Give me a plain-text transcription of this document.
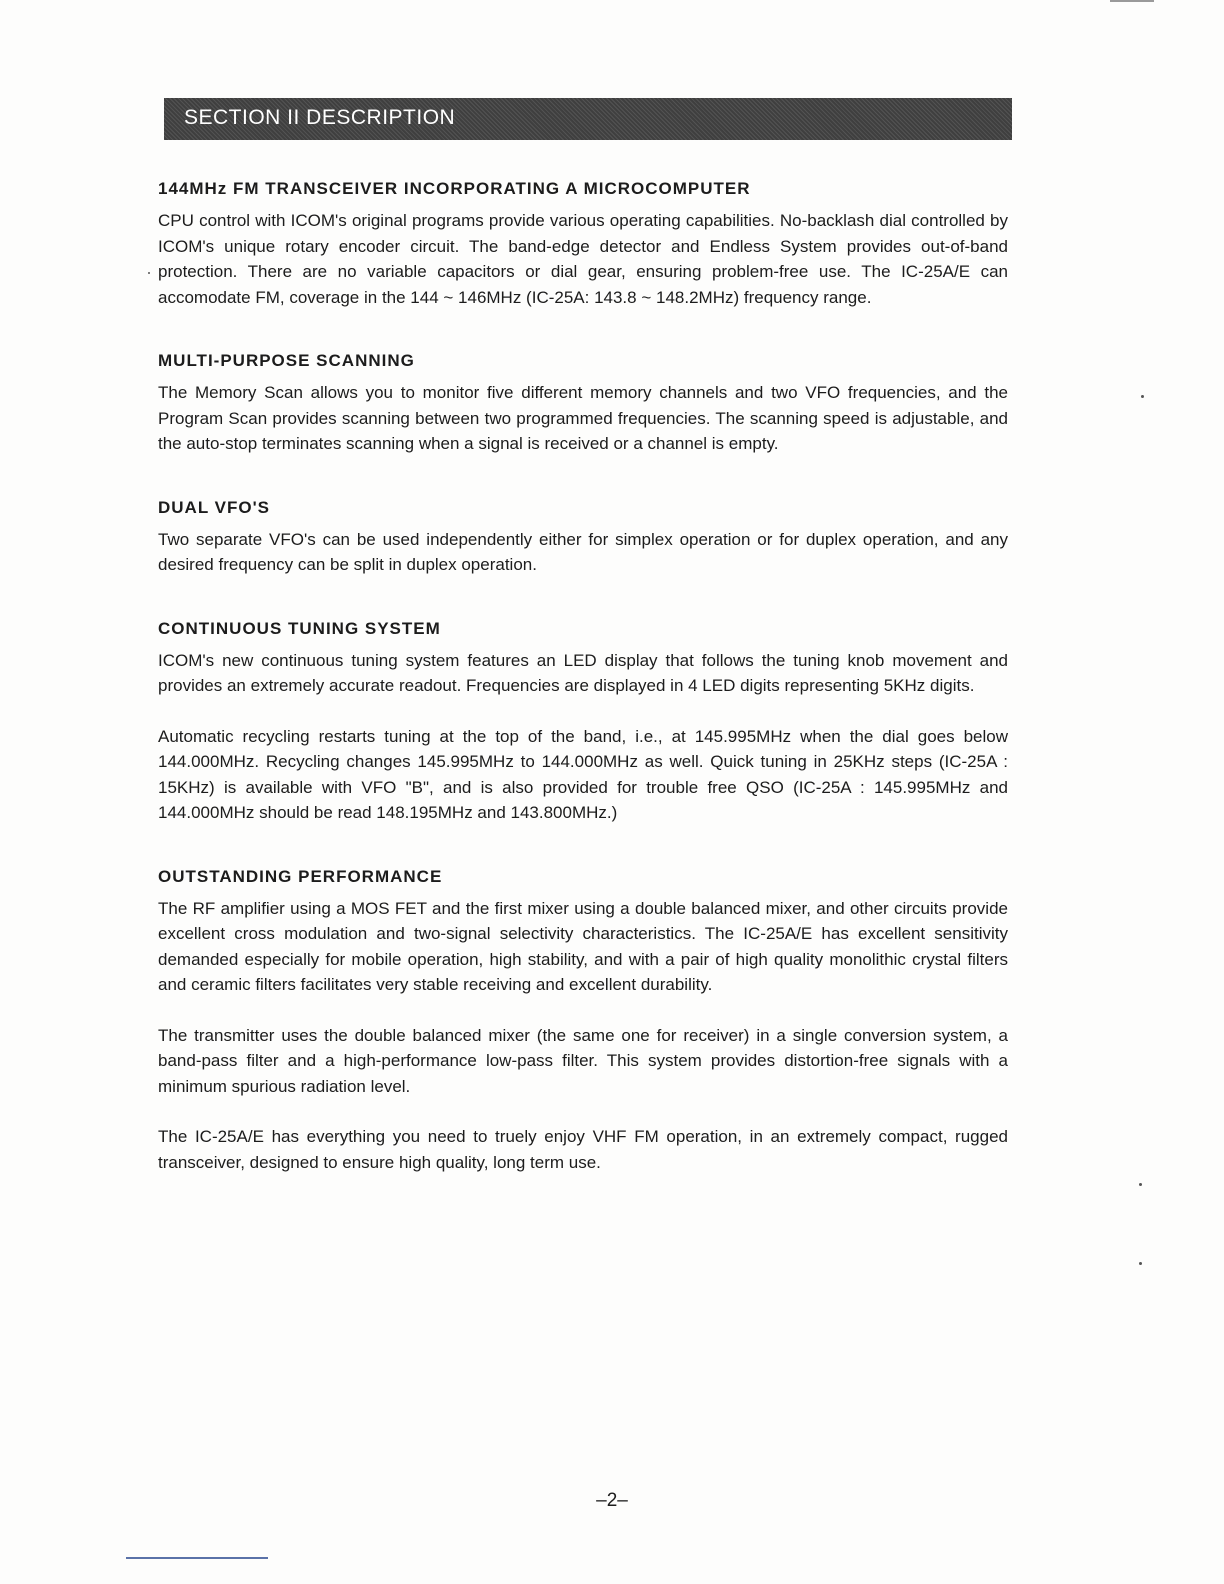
SECTION II DESCRIPTION
144MHz FM TRANSCEIVER INCORPORATING A MICROCOMPUTER

CPU control with ICOM's original programs provide various operating capabilities. No-backlash dial controlled by ICOM's unique rotary encoder circuit. The band-edge detector and Endless System provides out-of-band protection. There are no variable capacitors or dial gear, ensuring problem-free use. The IC-25A/E can accomodate FM, coverage in the 144 ~ 146MHz (IC-25A: 143.8 ~ 148.2MHz) frequency range.

MULTI-PURPOSE SCANNING

The Memory Scan allows you to monitor five different memory channels and two VFO frequencies, and the Program Scan provides scanning between two programmed frequencies. The scanning speed is adjustable, and the auto-stop terminates scanning when a signal is received or a channel is empty.

DUAL VFO'S

Two separate VFO's can be used independently either for simplex operation or for duplex operation, and any desired frequency can be split in duplex operation.

CONTINUOUS TUNING SYSTEM

ICOM's new continuous tuning system features an LED display that follows the tuning knob movement and provides an extremely accurate readout. Frequencies are displayed in 4 LED digits representing 5KHz digits.

Automatic recycling restarts tuning at the top of the band, i.e., at 145.995MHz when the dial goes below 144.000MHz. Recycling changes 145.995MHz to 144.000MHz as well. Quick tuning in 25KHz steps (IC-25A : 15KHz) is available with VFO "B", and is also provided for trouble free QSO (IC-25A : 145.995MHz and 144.000MHz should be read 148.195MHz and 143.800MHz.)

OUTSTANDING PERFORMANCE

The RF amplifier using a MOS FET and the first mixer using a double balanced mixer, and other circuits provide excellent cross modulation and two-signal selectivity characteristics. The IC-25A/E has excellent sensitivity demanded especially for mobile operation, high stability, and with a pair of high quality monolithic crystal filters and ceramic filters facilitates very stable receiving and excellent durability.

The transmitter uses the double balanced mixer (the same one for receiver) in a single conversion system, a band-pass filter and a high-performance low-pass filter. This system provides distortion-free signals with a minimum spurious radiation level.

The IC-25A/E has everything you need to truely enjoy VHF FM operation, in an extremely compact, rugged transceiver, designed to ensure high quality, long term use.

–2–
